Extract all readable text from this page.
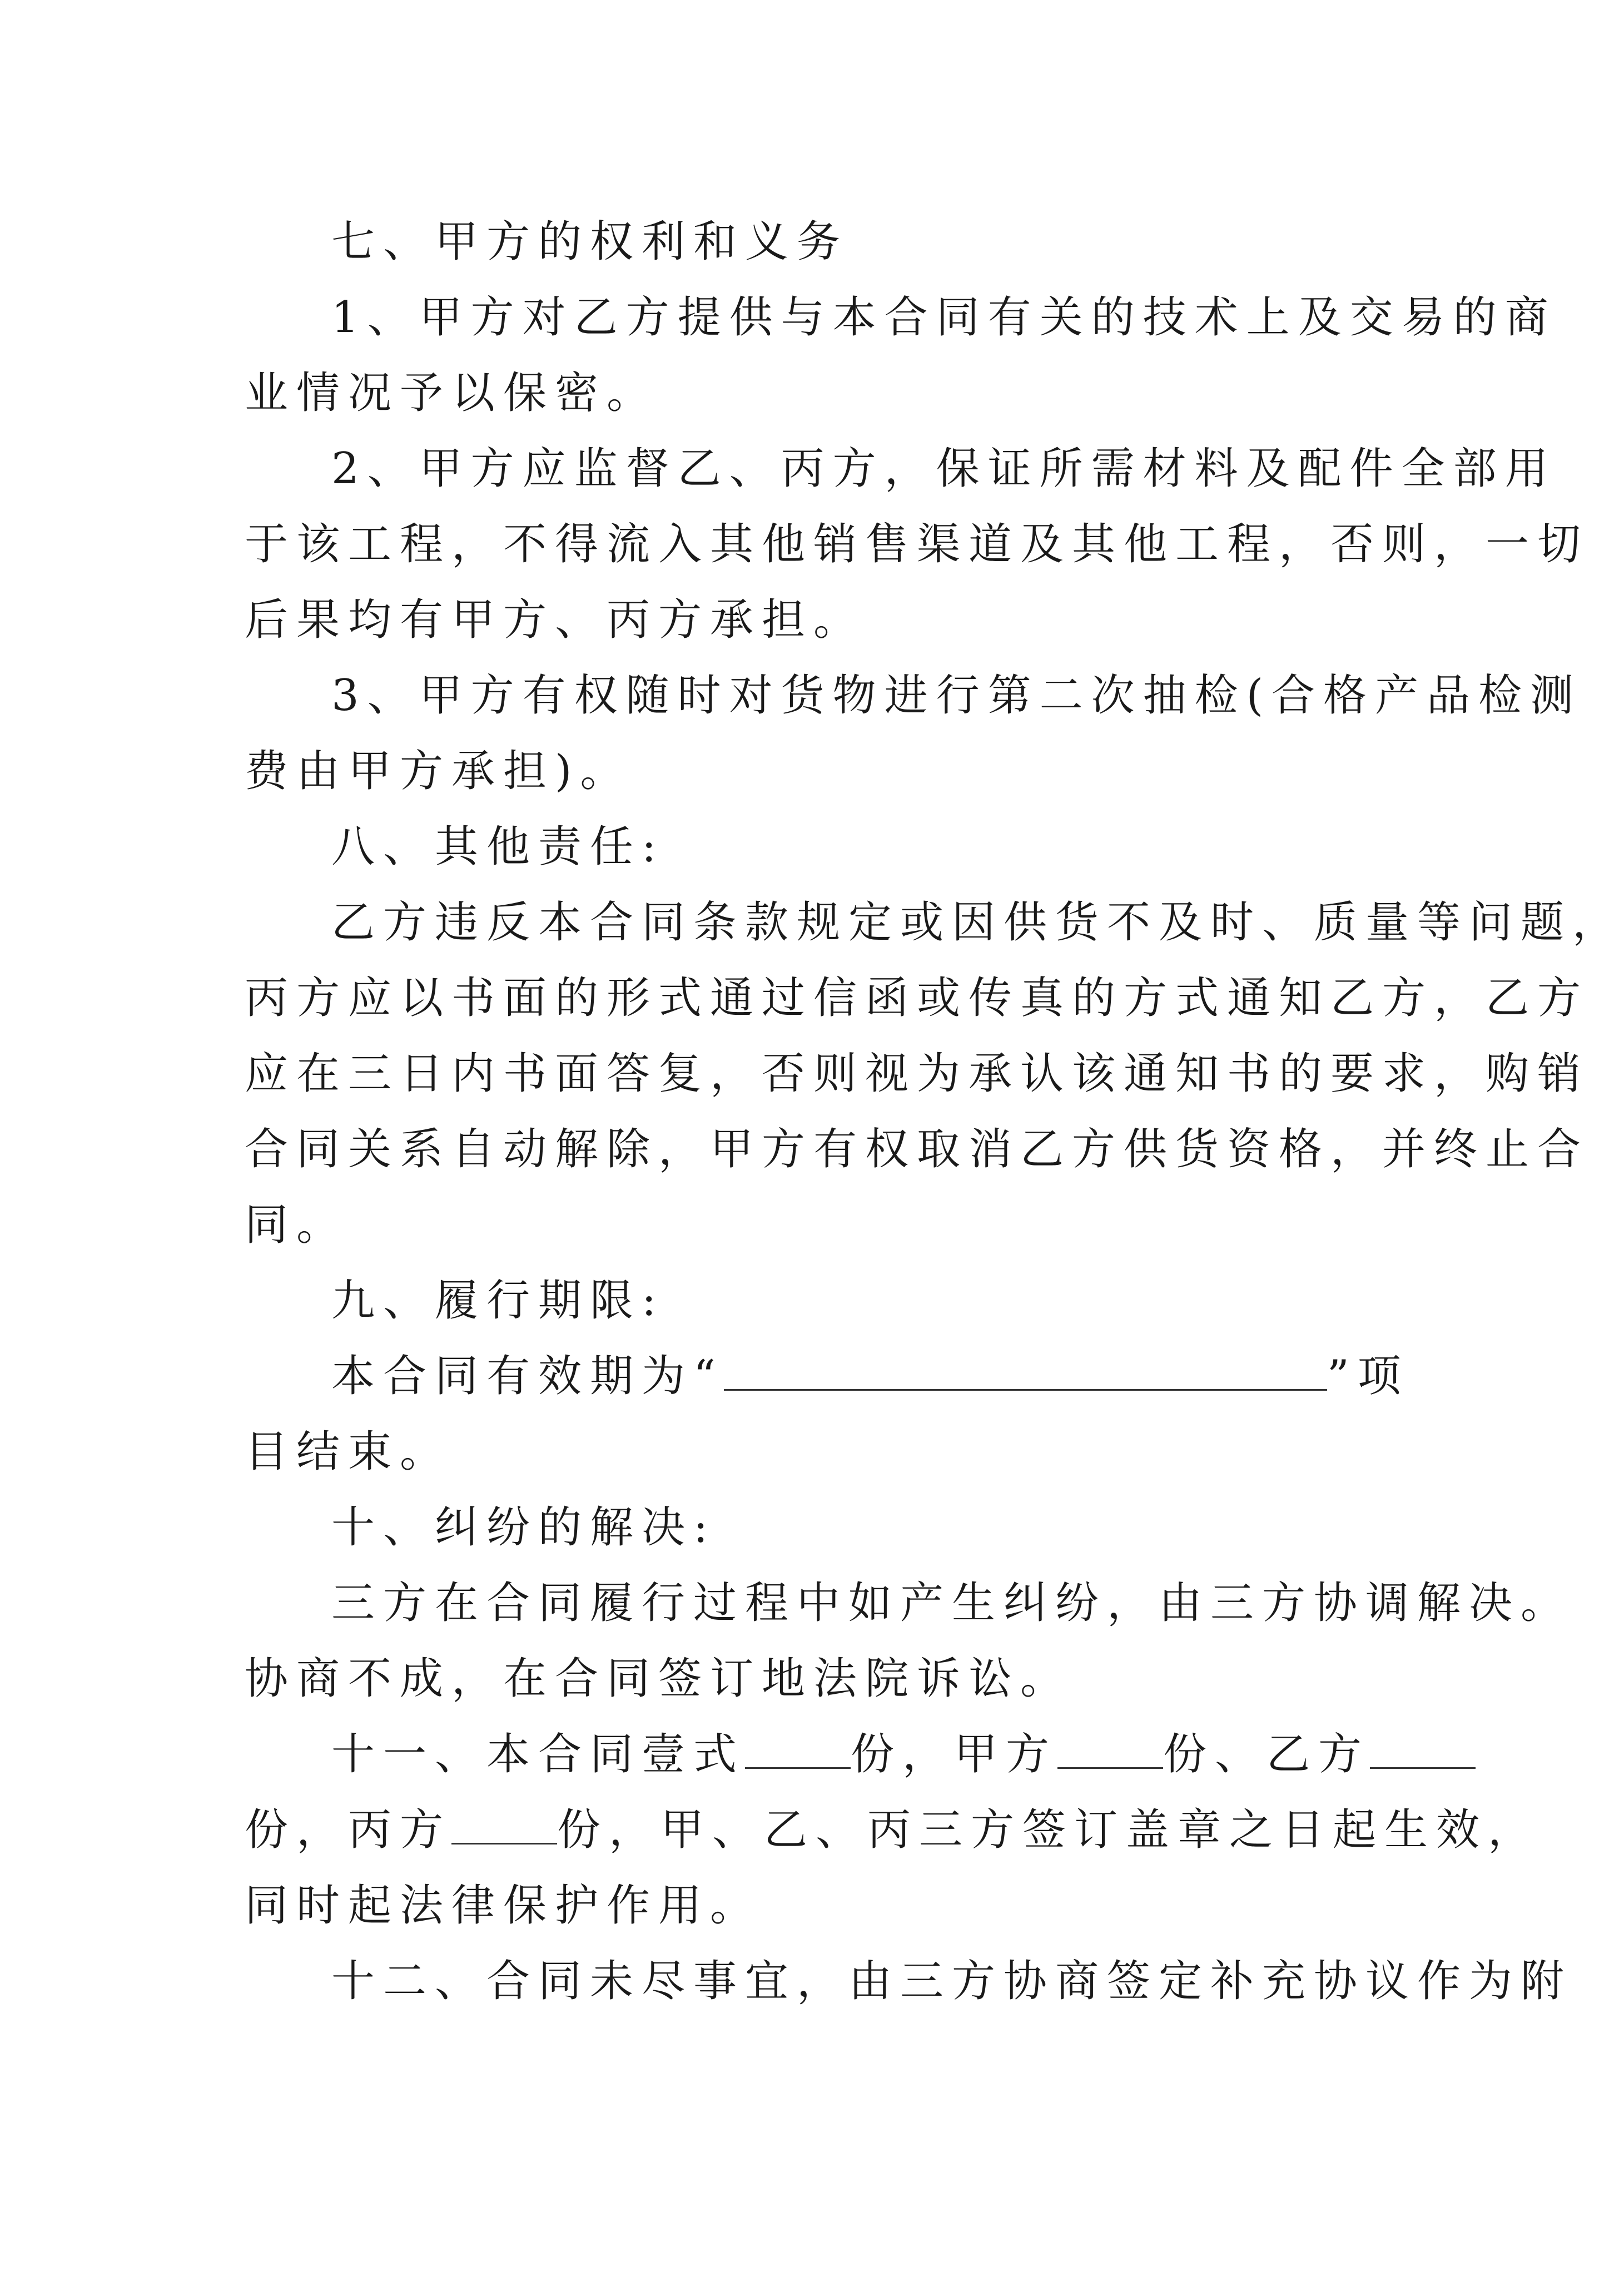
七、甲方的权利和义务
1、甲方对乙方提供与本合同有关的技术上及交易的商
业情况予以保密。
2、甲方应监督乙、丙方，保证所需材料及配件全部用
于该工程，不得流入其他销售渠道及其他工程，否则，一切
后果均有甲方、丙方承担。
3、甲方有权随时对货物进行第二次抽检(合格产品检测
费由甲方承担)。
八、其他责任:
乙方违反本合同条款规定或因供货不及时、质量等问题，
丙方应以书面的形式通过信函或传真的方式通知乙方，乙方
应在三日内书面答复，否则视为承认该通知书的要求，购销
合同关系自动解除，甲方有权取消乙方供货资格，并终止合
同。
九、履行期限:
本合同有效期为“	”项
目结束。
十、纠纷的解决:
三方在合同履行过程中如产生纠纷，由三方协调解决。
协商不成，在合同签订地法院诉讼。
十一、本合同壹式 份，甲方 份、乙方
份，丙方 份，甲、乙、丙三方签订盖章之日起生效，
同时起法律保护作用。
十二、合同未尽事宜，由三方协商签定补充协议作为附
